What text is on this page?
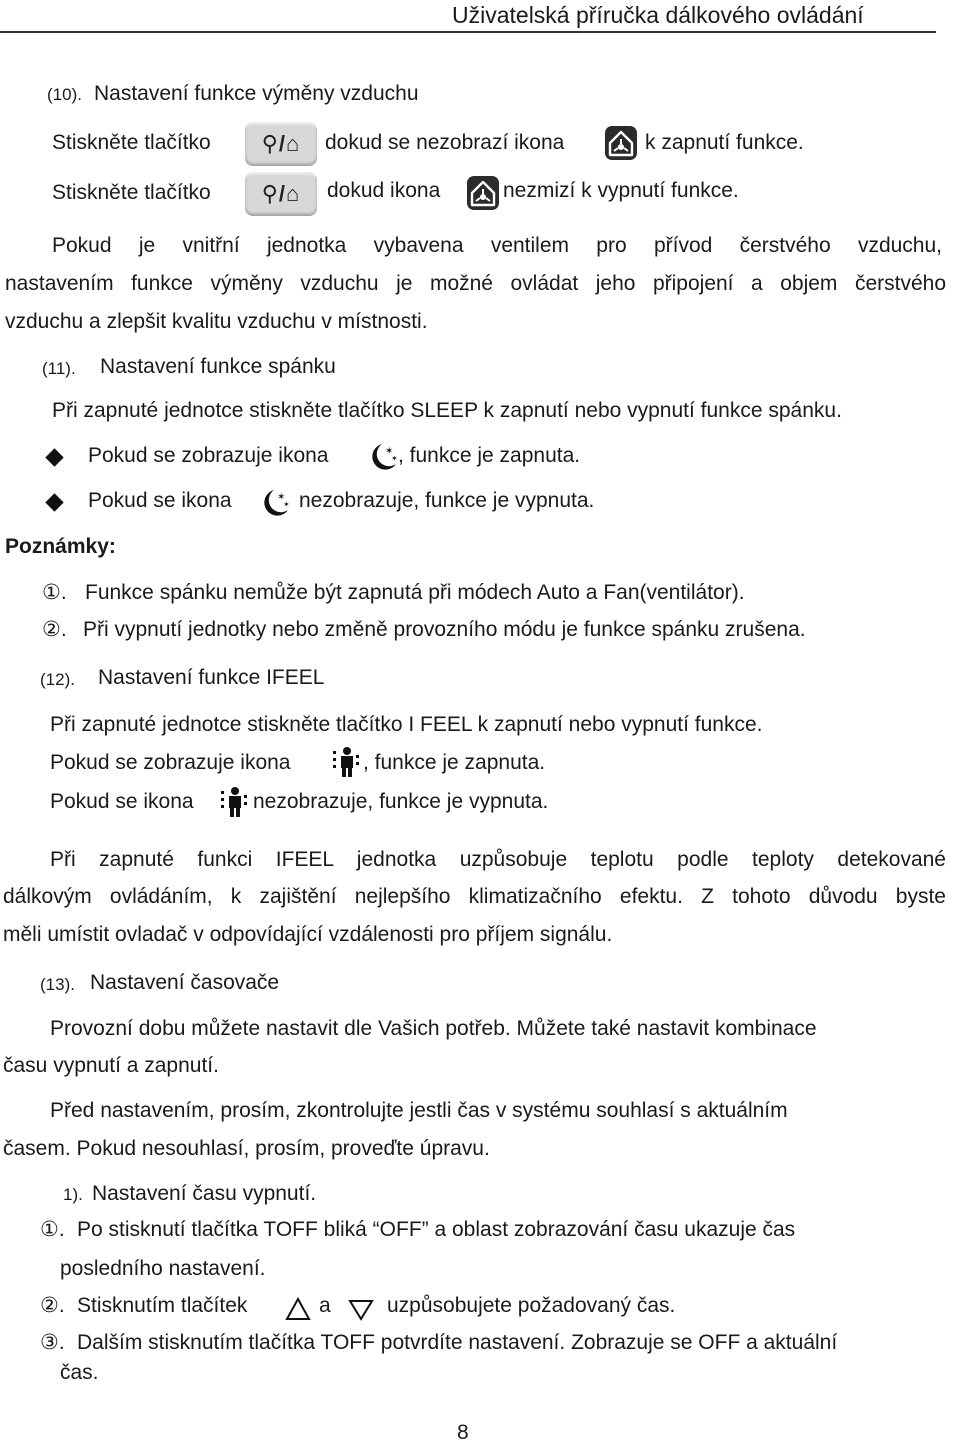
Uživatelská příručka dálkového ovládání
(10). Nastavení funkce výměny vzduchu
Stiskněte tlačítko ⚲/⌂ dokud se nezobrazí ikona	k zapnutí funkce.
Stiskněte tlačítko ⚲/⌂ dokud ikona	nezmizí k vypnutí funkce.
Pokud je vnitřní jednotka vybavena ventilem pro přívod čerstvého vzduchu,
nastavením funkce výměny vzduchu je možné ovládat jeho připojení a objem čerstvého
vzduchu a zlepšit kvalitu vzduchu v místnosti.
(11). Nastavení funkce spánku
Při zapnuté jednotce stiskněte tlačítko SLEEP k zapnutí nebo vypnutí funkce spánku.
Pokud se zobrazuje ikona	✶
✶ , funkce je zapnuta.
Pokud se ikona	✶
✶ nezobrazuje, funkce je vypnuta.
Poznámky:
①. Funkce spánku nemůže být zapnutá při módech Auto a Fan(ventilátor).
②. Při vypnutí jednotky nebo změně provozního módu je funkce spánku zrušena.
(12). Nastavení funkce IFEEL
Při zapnuté jednotce stiskněte tlačítko I FEEL k zapnutí nebo vypnutí funkce.
Pokud se zobrazuje ikona	, funkce je zapnuta.
Pokud se ikona	nezobrazuje, funkce je vypnuta.
Při zapnuté funkci IFEEL jednotka uzpůsobuje teplotu podle teploty detekované
dálkovým ovládáním, k zajištění nejlepšího klimatizačního efektu. Z tohoto důvodu byste
měli umístit ovladač v odpovídající vzdálenosti pro příjem signálu.
(13). Nastavení časovače
Provozní dobu můžete nastavit dle Vašich potřeb. Můžete také nastavit kombinace
času vypnutí a zapnutí.
Před nastavením, prosím, zkontrolujte jestli čas v systému souhlasí s aktuálním
časem. Pokud nesouhlasí, prosím, proveďte úpravu.
1). Nastavení času vypnutí.
①. Po stisknutí tlačítka TOFF bliká “OFF” a oblast zobrazování času ukazuje čas
posledního nastavení.
②. Stisknutím tlačítek	a	uzpůsobujete požadovaný čas.
③. Dalším stisknutím tlačítka TOFF potvrdíte nastavení. Zobrazuje se OFF a aktuální
čas.
8
